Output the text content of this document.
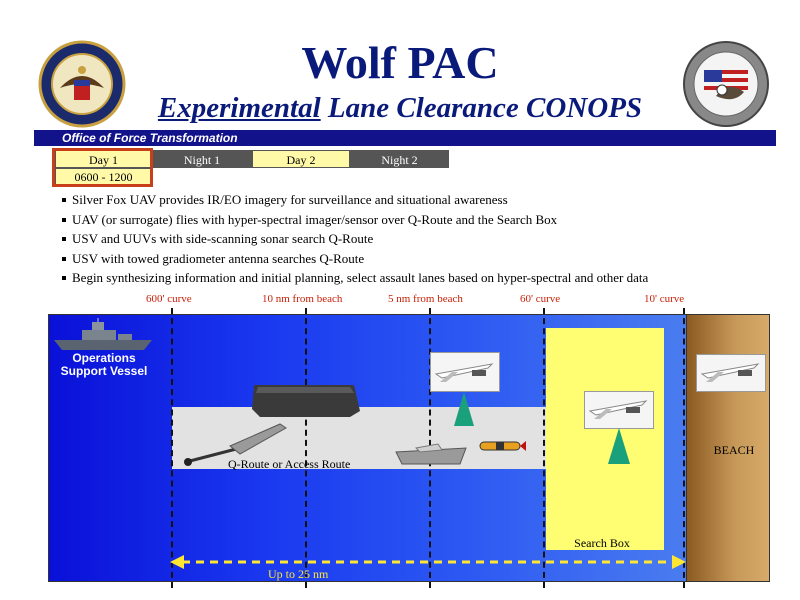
Wolf PAC
Experimental Lane Clearance CONOPS
Office of Force Transformation
Day 1	Night 1	Day 2	Night 2
0600 - 1200
Silver Fox UAV provides IR/EO imagery for surveillance and situational awareness
UAV (or surrogate) flies with hyper-spectral imager/sensor over Q-Route and the Search Box
USV and UUVs with side-scanning sonar search Q-Route
USV with towed gradiometer antenna searches Q-Route
Begin synthesizing information and initial planning, select assault lanes based on hyper-spectral and other data
600' curve	10 nm from beach	5 nm from beach	60' curve	10' curve
Operations Support Vessel
Q-Route or Access Route
Search Box
BEACH
Up to 25 nm
